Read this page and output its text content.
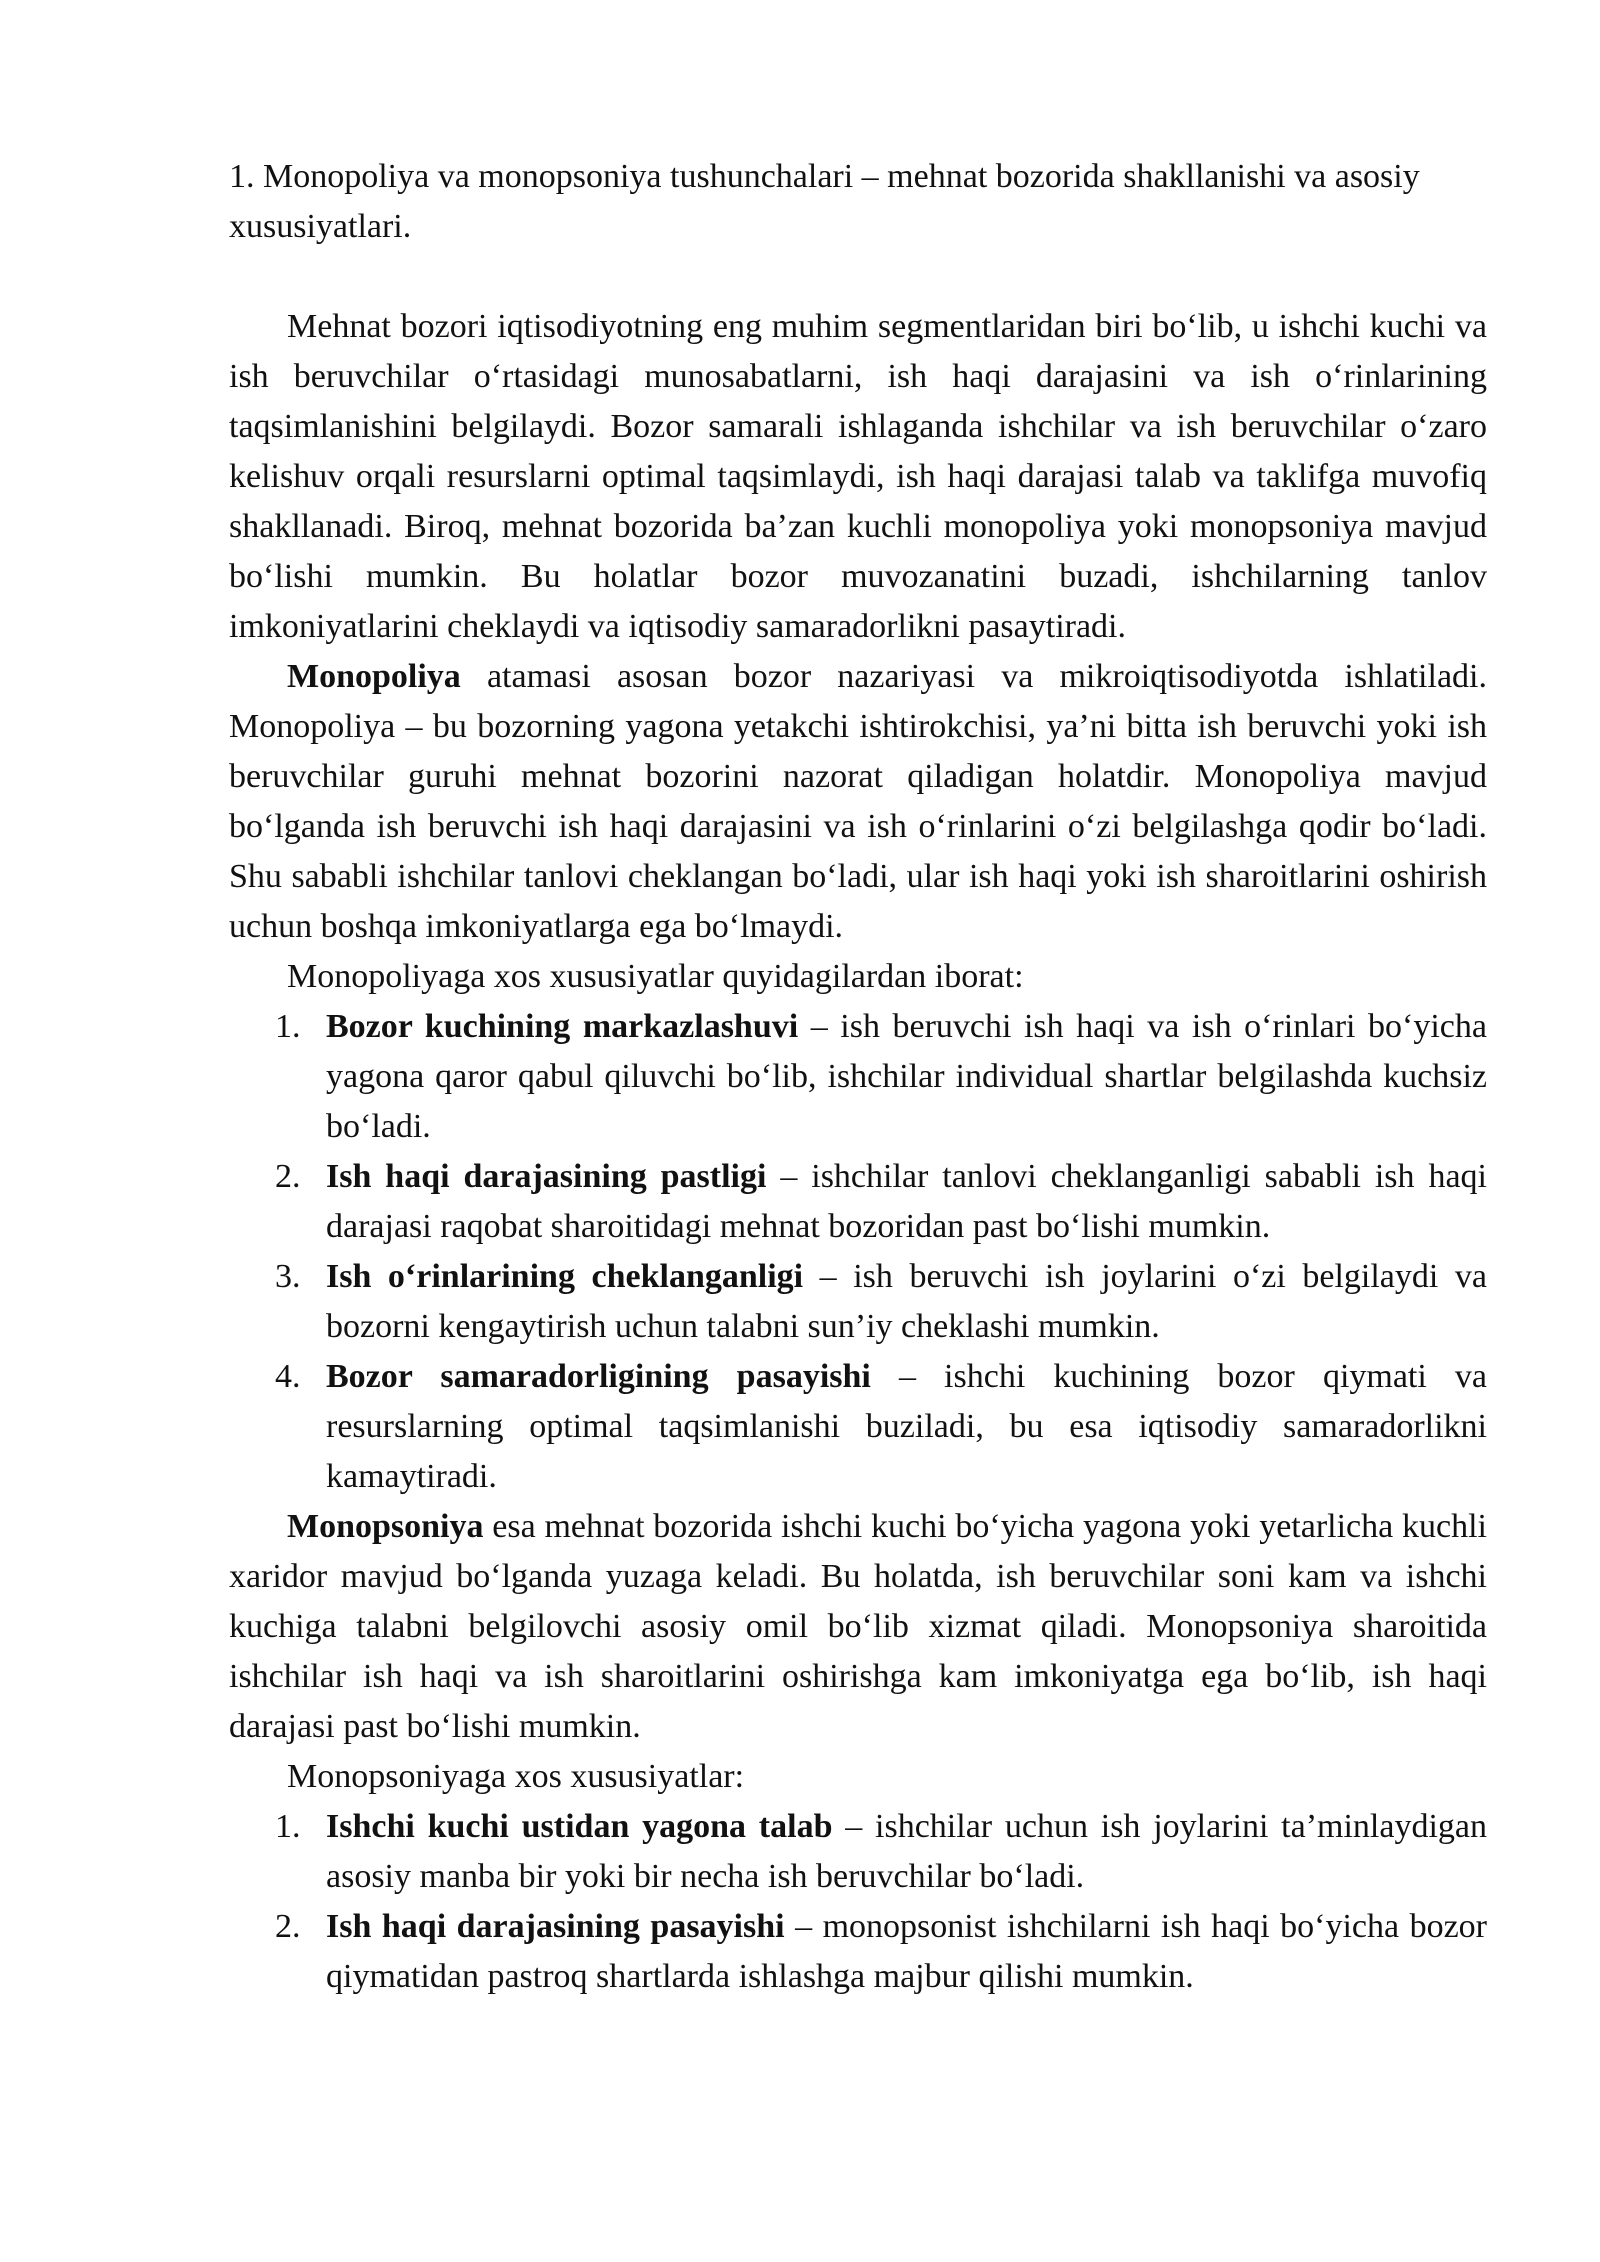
1. Monopoliya va monopsoniya tushunchalari – mehnat bozorida shakllanishi va asosiy xususiyatlari.

Mehnat bozori iqtisodiyotning eng muhim segmentlaridan biri bo‘lib, u ishchi kuchi va ish beruvchilar o‘rtasidagi munosabatlarni, ish haqi darajasini va ish o‘rinlarining taqsimlanishini belgilaydi. Bozor samarali ishlaganda ishchilar va ish beruvchilar o‘zaro kelishuv orqali resurslarni optimal taqsimlaydi, ish haqi darajasi talab va taklifga muvofiq shakllanadi. Biroq, mehnat bozorida ba’zan kuchli monopoliya yoki monopsoniya mavjud bo‘lishi mumkin. Bu holatlar bozor muvozanatini buzadi, ishchilarning tanlov imkoniyatlarini cheklaydi va iqtisodiy samaradorlikni pasaytiradi.

Monopoliya atamasi asosan bozor nazariyasi va mikroiqtisodiyotda ishlatiladi. Monopoliya – bu bozorning yagona yetakchi ishtirokchisi, ya’ni bitta ish beruvchi yoki ish beruvchilar guruhi mehnat bozorini nazorat qiladigan holatdir. Monopoliya mavjud bo‘lganda ish beruvchi ish haqi darajasini va ish o‘rinlarini o‘zi belgilashga qodir bo‘ladi. Shu sababli ishchilar tanlovi cheklangan bo‘ladi, ular ish haqi yoki ish sharoitlarini oshirish uchun boshqa imkoniyatlarga ega bo‘lmaydi.

Monopoliyaga xos xususiyatlar quyidagilardan iborat:

1. Bozor kuchining markazlashuvi – ish beruvchi ish haqi va ish o‘rinlari bo‘yicha yagona qaror qabul qiluvchi bo‘lib, ishchilar individual shartlar belgilashda kuchsiz bo‘ladi.
2. Ish haqi darajasining pastligi – ishchilar tanlovi cheklanganligi sababli ish haqi darajasi raqobat sharoitidagi mehnat bozoridan past bo‘lishi mumkin.
3. Ish o‘rinlarining cheklanganligi – ish beruvchi ish joylarini o‘zi belgilaydi va bozorni kengaytirish uchun talabni sun’iy cheklashi mumkin.
4. Bozor samaradorligining pasayishi – ishchi kuchining bozor qiymati va resurslarning optimal taqsimlanishi buziladi, bu esa iqtisodiy samaradorlikni kamaytiradi.

Monopsoniya esa mehnat bozorida ishchi kuchi bo‘yicha yagona yoki yetarlicha kuchli xaridor mavjud bo‘lganda yuzaga keladi. Bu holatda, ish beruvchilar soni kam va ishchi kuchiga talabni belgilovchi asosiy omil bo‘lib xizmat qiladi. Monopsoniya sharoitida ishchilar ish haqi va ish sharoitlarini oshirishga kam imkoniyatga ega bo‘lib, ish haqi darajasi past bo‘lishi mumkin.

Monopsoniyaga xos xususiyatlar:

1. Ishchi kuchi ustidan yagona talab – ishchilar uchun ish joylarini ta’minlaydigan asosiy manba bir yoki bir necha ish beruvchilar bo‘ladi.
2. Ish haqi darajasining pasayishi – monopsonist ishchilarni ish haqi bo‘yicha bozor qiymatidan pastroq shartlarda ishlashga majbur qilishi mumkin.
